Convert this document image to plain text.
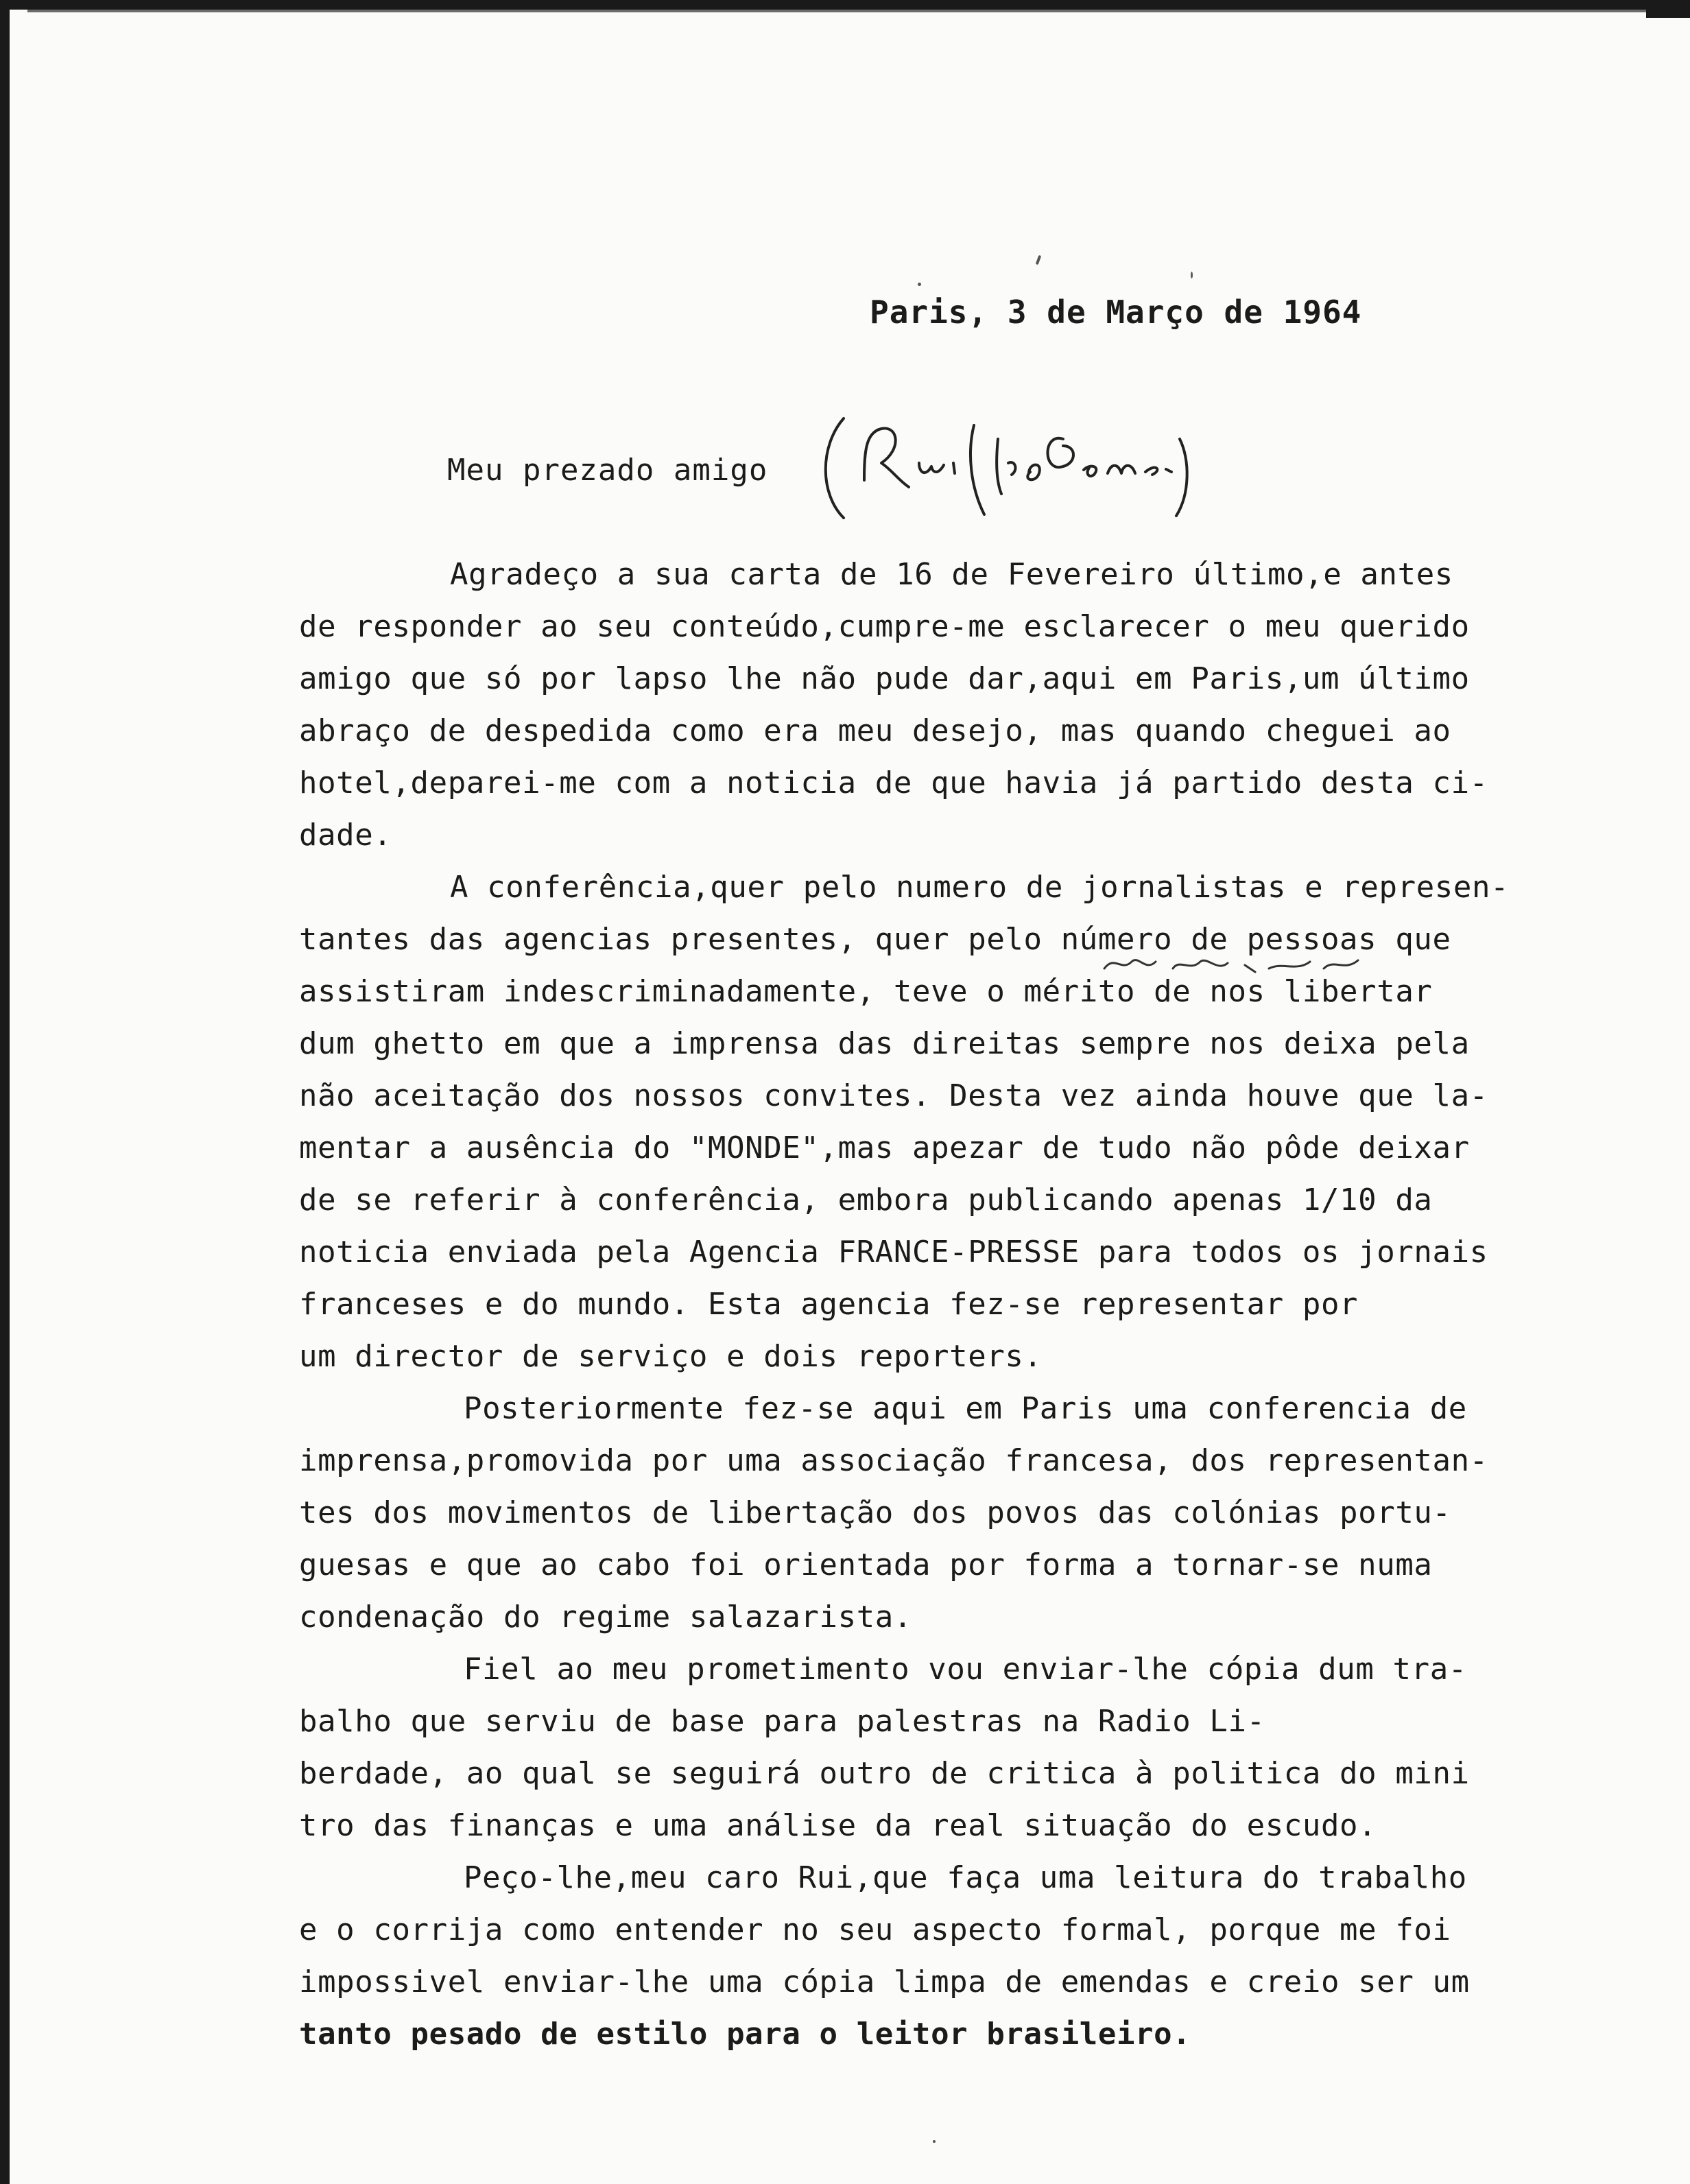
Paris, 3 de Março de 1964
Meu prezado amigo
Agradeço a sua carta de 16 de Fevereiro último,e antes
de responder ao seu conteúdo,cumpre-me esclarecer o meu querido
amigo que só por lapso lhe não pude dar,aqui em Paris,um último
abraço de despedida como era meu desejo, mas quando cheguei ao
hotel,deparei-me com a noticia de que havia já partido desta ci-
dade.
A conferência,quer pelo numero de jornalistas e represen-
tantes das agencias presentes, quer pelo número de pessoas que
assistiram indescriminadamente, teve o mérito de nos libertar
dum ghetto em que a imprensa das direitas sempre nos deixa pela
não aceitação dos nossos convites. Desta vez ainda houve que la-
mentar a ausência do "MONDE",mas apezar de tudo não pôde deixar
de se referir à conferência, embora publicando apenas 1/10 da
noticia enviada pela Agencia FRANCE-PRESSE para todos os jornais
franceses e do mundo. Esta agencia fez-se representar por
um director de serviço e dois reporters.
Posteriormente fez-se aqui em Paris uma conferencia de
imprensa,promovida por uma associação francesa, dos representan-
tes dos movimentos de libertação dos povos das colónias portu-
guesas e que ao cabo foi orientada por forma a tornar-se numa
condenação do regime salazarista.
Fiel ao meu prometimento vou enviar-lhe cópia dum tra-
balho que serviu de base para palestras na Radio Li-
berdade, ao qual se seguirá outro de critica à politica do mini
tro das finanças e uma análise da real situação do escudo.
Peço-lhe,meu caro Rui,que faça uma leitura do trabalho
e o corrija como entender no seu aspecto formal, porque me foi
impossivel enviar-lhe uma cópia limpa de emendas e creio ser um
tanto pesado de estilo para o leitor brasileiro.
